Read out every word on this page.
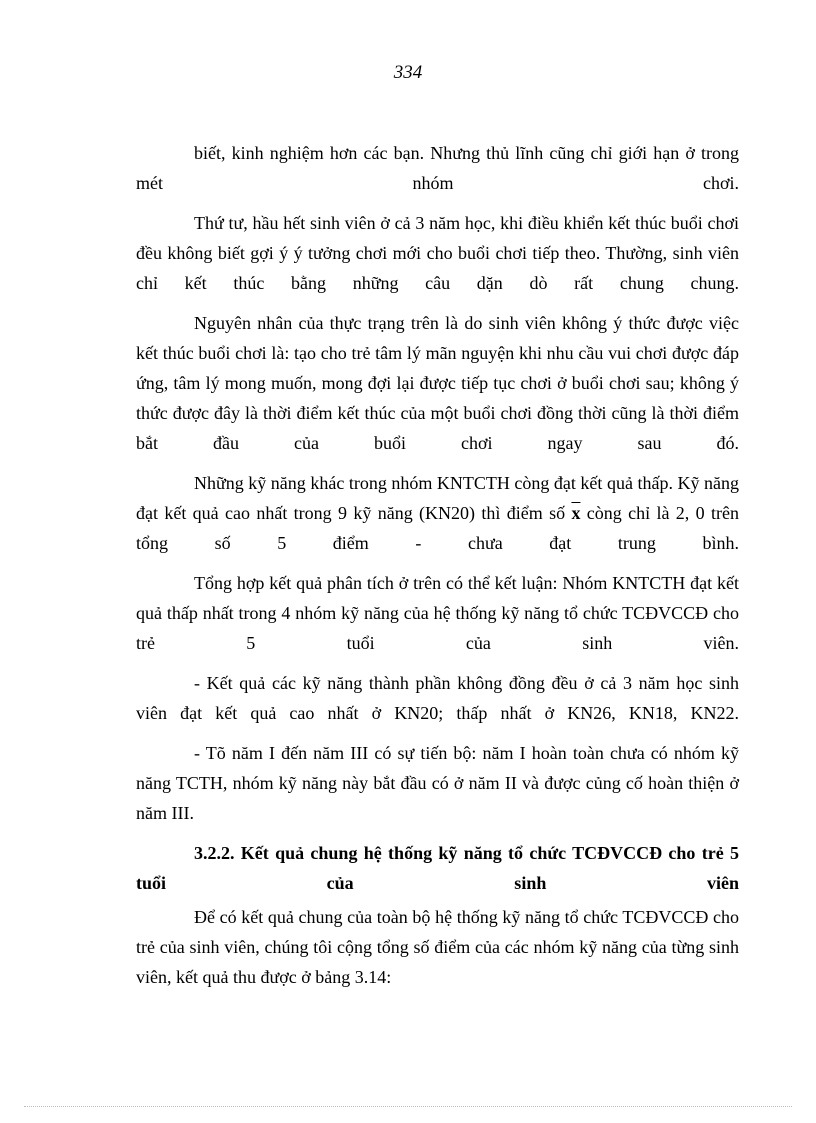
334

biết, kinh nghiệm hơn các bạn. Nhưng thủ lĩnh cũng chỉ giới hạn ở trong
mét nhóm chơi.

Thứ tư, hầu hết sinh viên ở cả 3 năm học, khi điều khiển kết thúc buổi chơi đều không biết gợi ý ý tưởng chơi mới cho buổi chơi tiếp theo. Thường, sinh viên chỉ kết thúc bằng những câu dặn dò rất chung chung.

Nguyên nhân của thực trạng trên là do sinh viên không ý thức được việc kết thúc buổi chơi là: tạo cho trẻ tâm lý mãn nguyện khi nhu cầu vui chơi được đáp ứng, tâm lý mong muốn, mong đợi lại được tiếp tục chơi ở buổi chơi sau; không ý thức được đây là thời điểm kết thúc của một buổi chơi đồng thời cũng là thời điểm bắt đầu của buổi chơi ngay sau đó.

Những kỹ năng khác trong nhóm KNTCTH còng đạt kết quả thấp. Kỹ năng đạt kết quả cao nhất trong 9 kỹ năng (KN20) thì điểm số $\overline{x}$ còng chỉ là 2, 0 trên tổng số 5 điểm - chưa đạt trung bình.

Tổng hợp kết quả phân tích ở trên có thể kết luận: Nhóm KNTCTH đạt kết quả thấp nhất trong 4 nhóm kỹ năng của hệ thống kỹ năng tổ chức TCĐVCCĐ cho trẻ 5 tuổi của sinh viên.

- Kết quả các kỹ năng thành phần không đồng đều ở cả 3 năm học sinh viên đạt kết quả cao nhất ở KN20; thấp nhất ở KN26, KN18, KN22.

- Tõ năm I đến năm III có sự tiến bộ: năm I hoàn toàn chưa có nhóm kỹ năng TCTH, nhóm kỹ năng này bắt đầu có ở năm II và được củng cố hoàn thiện ở năm III.

3.2.2. Kết quả chung hệ thống kỹ năng tổ chức TCĐVCCĐ cho trẻ 5 tuổi của sinh viên

Để có kết quả chung của toàn bộ hệ thống kỹ năng tổ chức TCĐVCCĐ cho trẻ của sinh viên, chúng tôi cộng tổng số điểm của các nhóm kỹ năng của từng sinh viên, kết quả thu được ở bảng 3.14:
